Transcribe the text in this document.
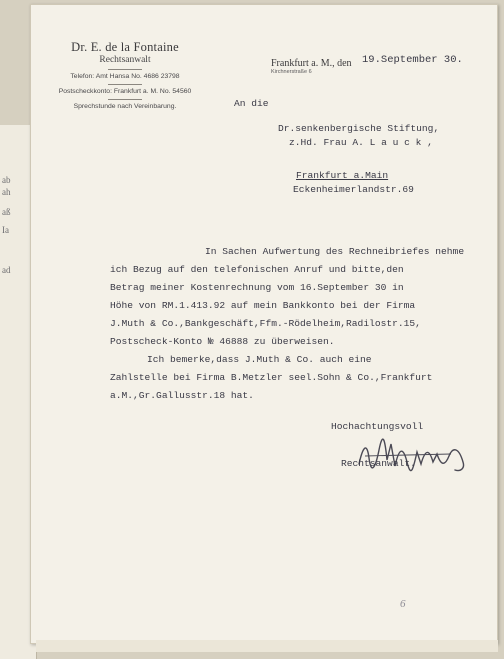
ab
ah
aß
Ia
ad
Dr. E. de la Fontaine
Rechtsanwalt
Telefon: Amt Hansa No. 4686 23798
Postscheckkonto: Frankfurt a. M. No. 54560
Sprechstunde nach Vereinbarung.
Frankfurt a. M., den
Kirchnerstraße 6
19.September 30.
An die
Dr.senkenbergische Stiftung,
z.Hd. Frau A. L a u c k ,
Frankfurt a.Main
Eckenheimerlandstr.69
In Sachen Aufwertung des Rechneibriefes nehme
ich Bezug auf den telefonischen Anruf und bitte,den
Betrag meiner Kostenrechnung vom 16.September 30 in
Höhe von RM.1.413.92 auf mein Bankkonto bei der Firma
J.Muth & Co.,Bankgeschäft,Ffm.-Rödelheim,Radilostr.15,
Postscheck-Konto № 46888 zu überweisen.
Ich bemerke,dass J.Muth & Co. auch eine
Zahlstelle bei Firma B.Metzler seel.Sohn & Co.,Frankfurt
a.M.,Gr.Gallusstr.18 hat.
Hochachtungsvoll
Rechtsanwalt.
6
